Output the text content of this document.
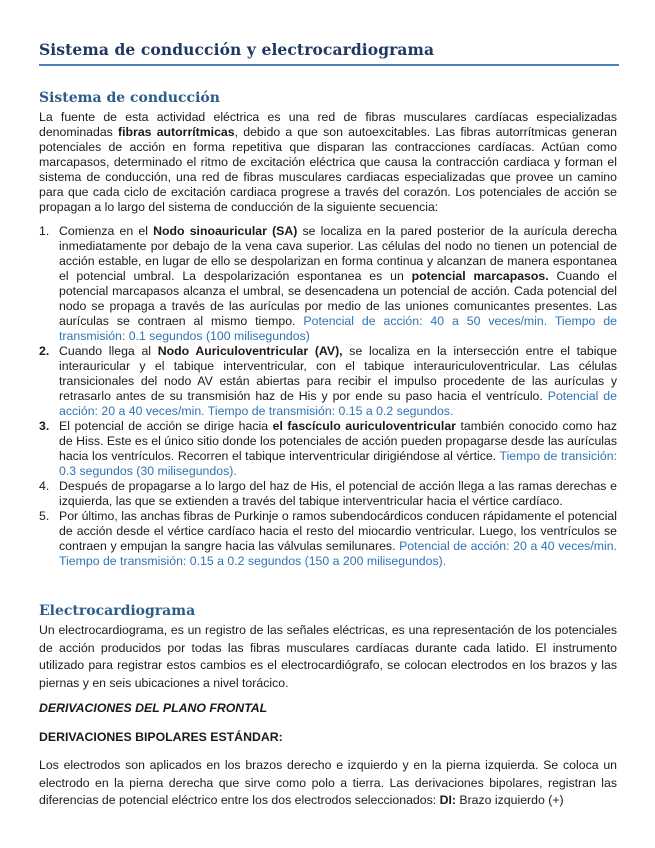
Sistema de conducción y electrocardiograma
Sistema de conducción

La fuente de esta actividad eléctrica es una red de fibras musculares cardíacas especializadas denominadas fibras autorrítmicas, debido a que son autoexcitables. Las fibras autorrítmicas generan potenciales de acción en forma repetitiva que disparan las contracciones cardíacas. Actúan como marcapasos, determinado el ritmo de excitación eléctrica que causa la contracción cardiaca y forman el sistema de conducción, una red de fibras musculares cardiacas especializadas que provee un camino para que cada ciclo de excitación cardiaca progrese a través del corazón. Los potenciales de acción se propagan a lo largo del sistema de conducción de la siguiente secuencia:

1. Comienza en el Nodo sinoauricular (SA) se localiza en la pared posterior de la aurícula derecha inmediatamente por debajo de la vena cava superior. Las células del nodo no tienen un potencial de acción estable, en lugar de ello se despolarizan en forma continua y alcanzan de manera espontanea el potencial umbral. La despolarización espontanea es un potencial marcapasos. Cuando el potencial marcapasos alcanza el umbral, se desencadena un potencial de acción. Cada potencial del nodo se propaga a través de las aurículas por medio de las uniones comunicantes presentes. Las aurículas se contraen al mismo tiempo. Potencial de acción: 40 a 50 veces/min. Tiempo de transmisión: 0.1 segundos (100 milisegundos)
2. Cuando llega al Nodo Auriculoventricular (AV), se localiza en la intersección entre el tabique interauricular y el tabique interventricular, con el tabique interauriculoventricular. Las células transicionales del nodo AV están abiertas para recibir el impulso procedente de las aurículas y retrasarlo antes de su transmisión haz de His y por ende su paso hacia el ventrículo. Potencial de acción: 20 a 40 veces/min. Tiempo de transmisión: 0.15 a 0.2 segundos.
3. El potencial de acción se dirige hacia el fascículo auriculoventricular también conocido como haz de Hiss. Este es el único sitio donde los potenciales de acción pueden propagarse desde las aurículas hacia los ventrículos. Recorren el tabique interventricular dirigiéndose al vértice. Tiempo de transición: 0.3 segundos (30 milisegundos).
4. Después de propagarse a lo largo del haz de His, el potencial de acción llega a las ramas derechas e izquierda, las que se extienden a través del tabique interventricular hacia el vértice cardíaco.
5. Por último, las anchas fibras de Purkinje o ramos subendocárdicos conducen rápidamente el potencial de acción desde el vértice cardíaco hacia el resto del miocardio ventricular. Luego, los ventrículos se contraen y empujan la sangre hacia las válvulas semilunares. Potencial de acción: 20 a 40 veces/min. Tiempo de transmisión: 0.15 a 0.2 segundos (150 a 200 milisegundos).
Electrocardiograma

Un electrocardiograma, es un registro de las señales eléctricas, es una representación de los potenciales de acción producidos por todas las fibras musculares cardíacas durante cada latido. El instrumento utilizado para registrar estos cambios es el electrocardiógrafo, se colocan electrodos en los brazos y las piernas y en seis ubicaciones a nivel torácico.

DERIVACIONES DEL PLANO FRONTAL

DERIVACIONES BIPOLARES ESTÁNDAR:

Los electrodos son aplicados en los brazos derecho e izquierdo y en la pierna izquierda. Se coloca un electrodo en la pierna derecha que sirve como polo a tierra. Las derivaciones bipolares, registran las diferencias de potencial eléctrico entre los dos electrodos seleccionados: DI: Brazo izquierdo (+)
